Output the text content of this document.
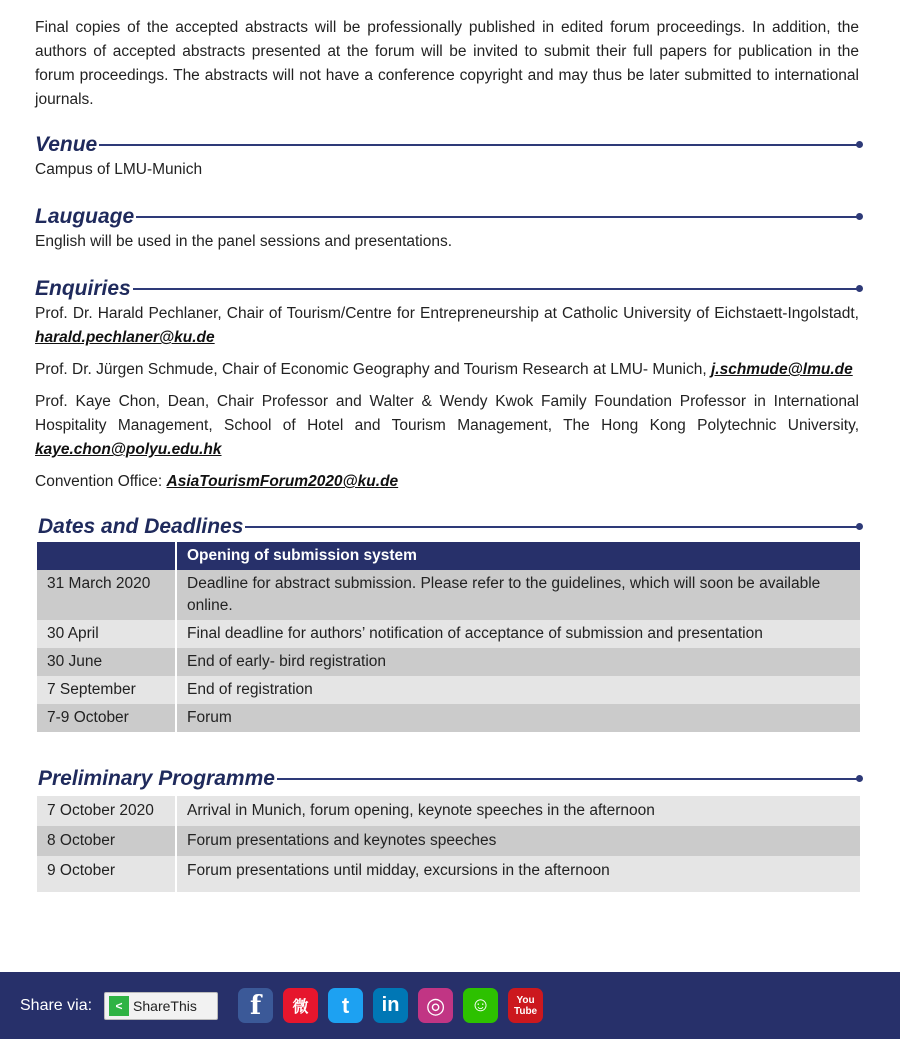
Final copies of the accepted abstracts will be professionally published in edited forum proceedings. In addition, the authors of accepted abstracts presented at the forum will be invited to submit their full papers for publication in the forum proceedings. The abstracts will not have a conference copyright and may thus be later submitted to international journals.

Venue

Campus of LMU-Munich

Lauguage

English will be used in the panel sessions and presentations.

Enquiries

Prof. Dr. Harald Pechlaner, Chair of Tourism/Centre for Entrepreneurship at Catholic University of Eichstaett-Ingolstadt, harald.pechlaner@ku.de

Prof. Dr. Jürgen Schmude, Chair of Economic Geography and Tourism Research at LMU- Munich, j.schmude@lmu.de

Prof. Kaye Chon, Dean, Chair Professor and Walter & Wendy Kwok Family Foundation Professor in International Hospitality Management, School of Hotel and Tourism Management, The Hong Kong Polytechnic University, kaye.chon@polyu.edu.hk

Convention Office: AsiaTourismForum2020@ku.de

Dates and Deadlines
	Opening of submission system
31 March 2020	Deadline for abstract submission. Please refer to the guidelines, which will soon be available online.
30 April	Final deadline for authors’ notification of acceptance of submission and presentation
30 June	End of early- bird registration
7 September	End of registration
7-9 October	Forum
Preliminary Programme
7 October 2020	Arrival in Munich, forum opening, keynote speeches in the afternoon
8 October	Forum presentations and keynotes speeches
9 October	Forum presentations until midday, excursions in the afternoon
Share via:	< ShareThis f 微 t in ◎ ☺	You Tube
